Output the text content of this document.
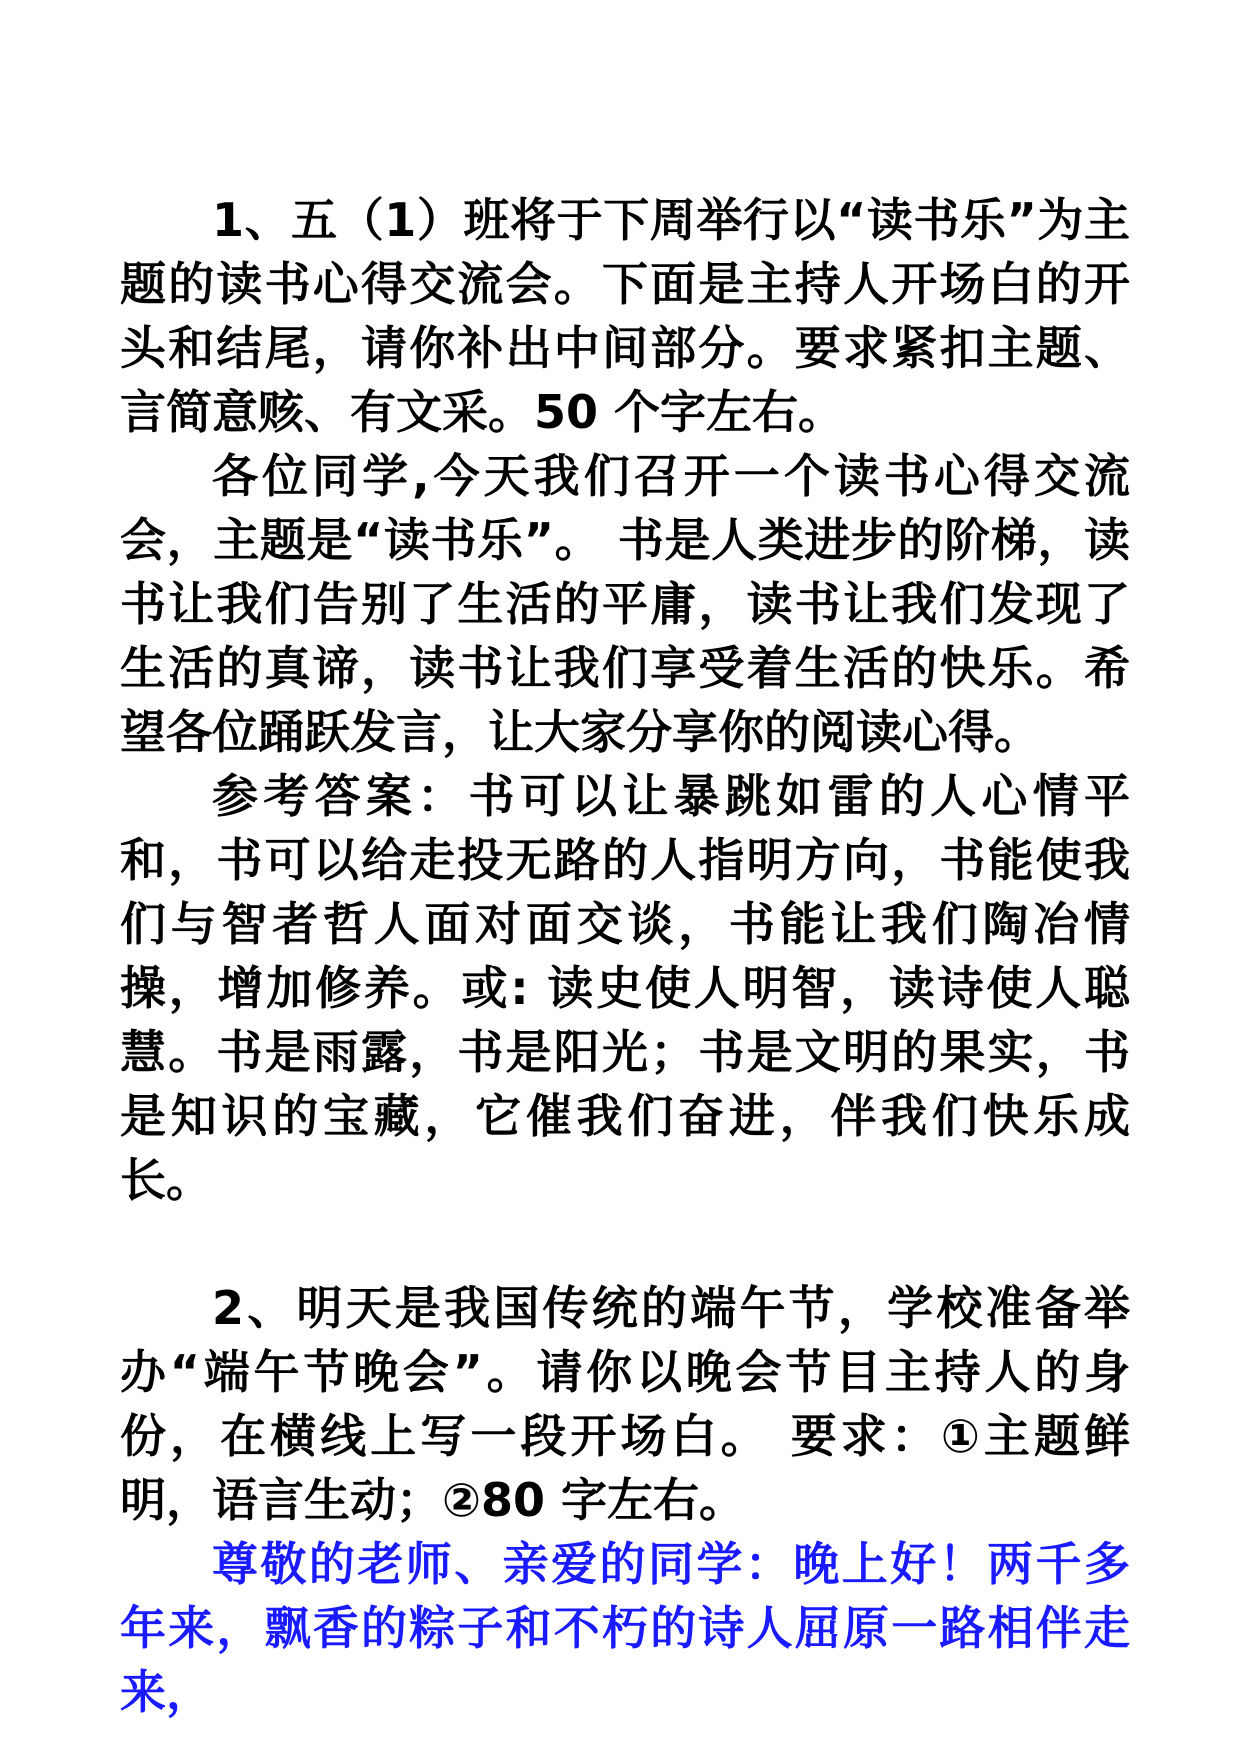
1、五（1）班将于下周举行以“读书乐”为主题的读书心得交流会。下面是主持人开场白的开头和结尾，请你补出中间部分。要求紧扣主题、言简意赅、有文采。50 个字左右。

各位同学,今天我们召开一个读书心得交流会，主题是“读书乐”。 书是人类进步的阶梯，读书让我们告别了生活的平庸，读书让我们发现了生活的真谛，读书让我们享受着生活的快乐。希望各位踊跃发言，让大家分享你的阅读心得。

参考答案：书可以让暴跳如雷的人心情平和，书可以给走投无路的人指明方向，书能使我们与智者哲人面对面交谈，书能让我们陶冶情操，增加修养。或: 读史使人明智，读诗使人聪慧。书是雨露，书是阳光；书是文明的果实，书是知识的宝藏，它催我们奋进，伴我们快乐成长。

2、明天是我国传统的端午节，学校准备举办“端午节晚会”。请你以晚会节目主持人的身份，在横线上写一段开场白。 要求：①主题鲜明，语言生动；②80 字左右。

尊敬的老师、亲爱的同学：晚上好！两千多年来，飘香的粽子和不朽的诗人屈原一路相伴走来，
